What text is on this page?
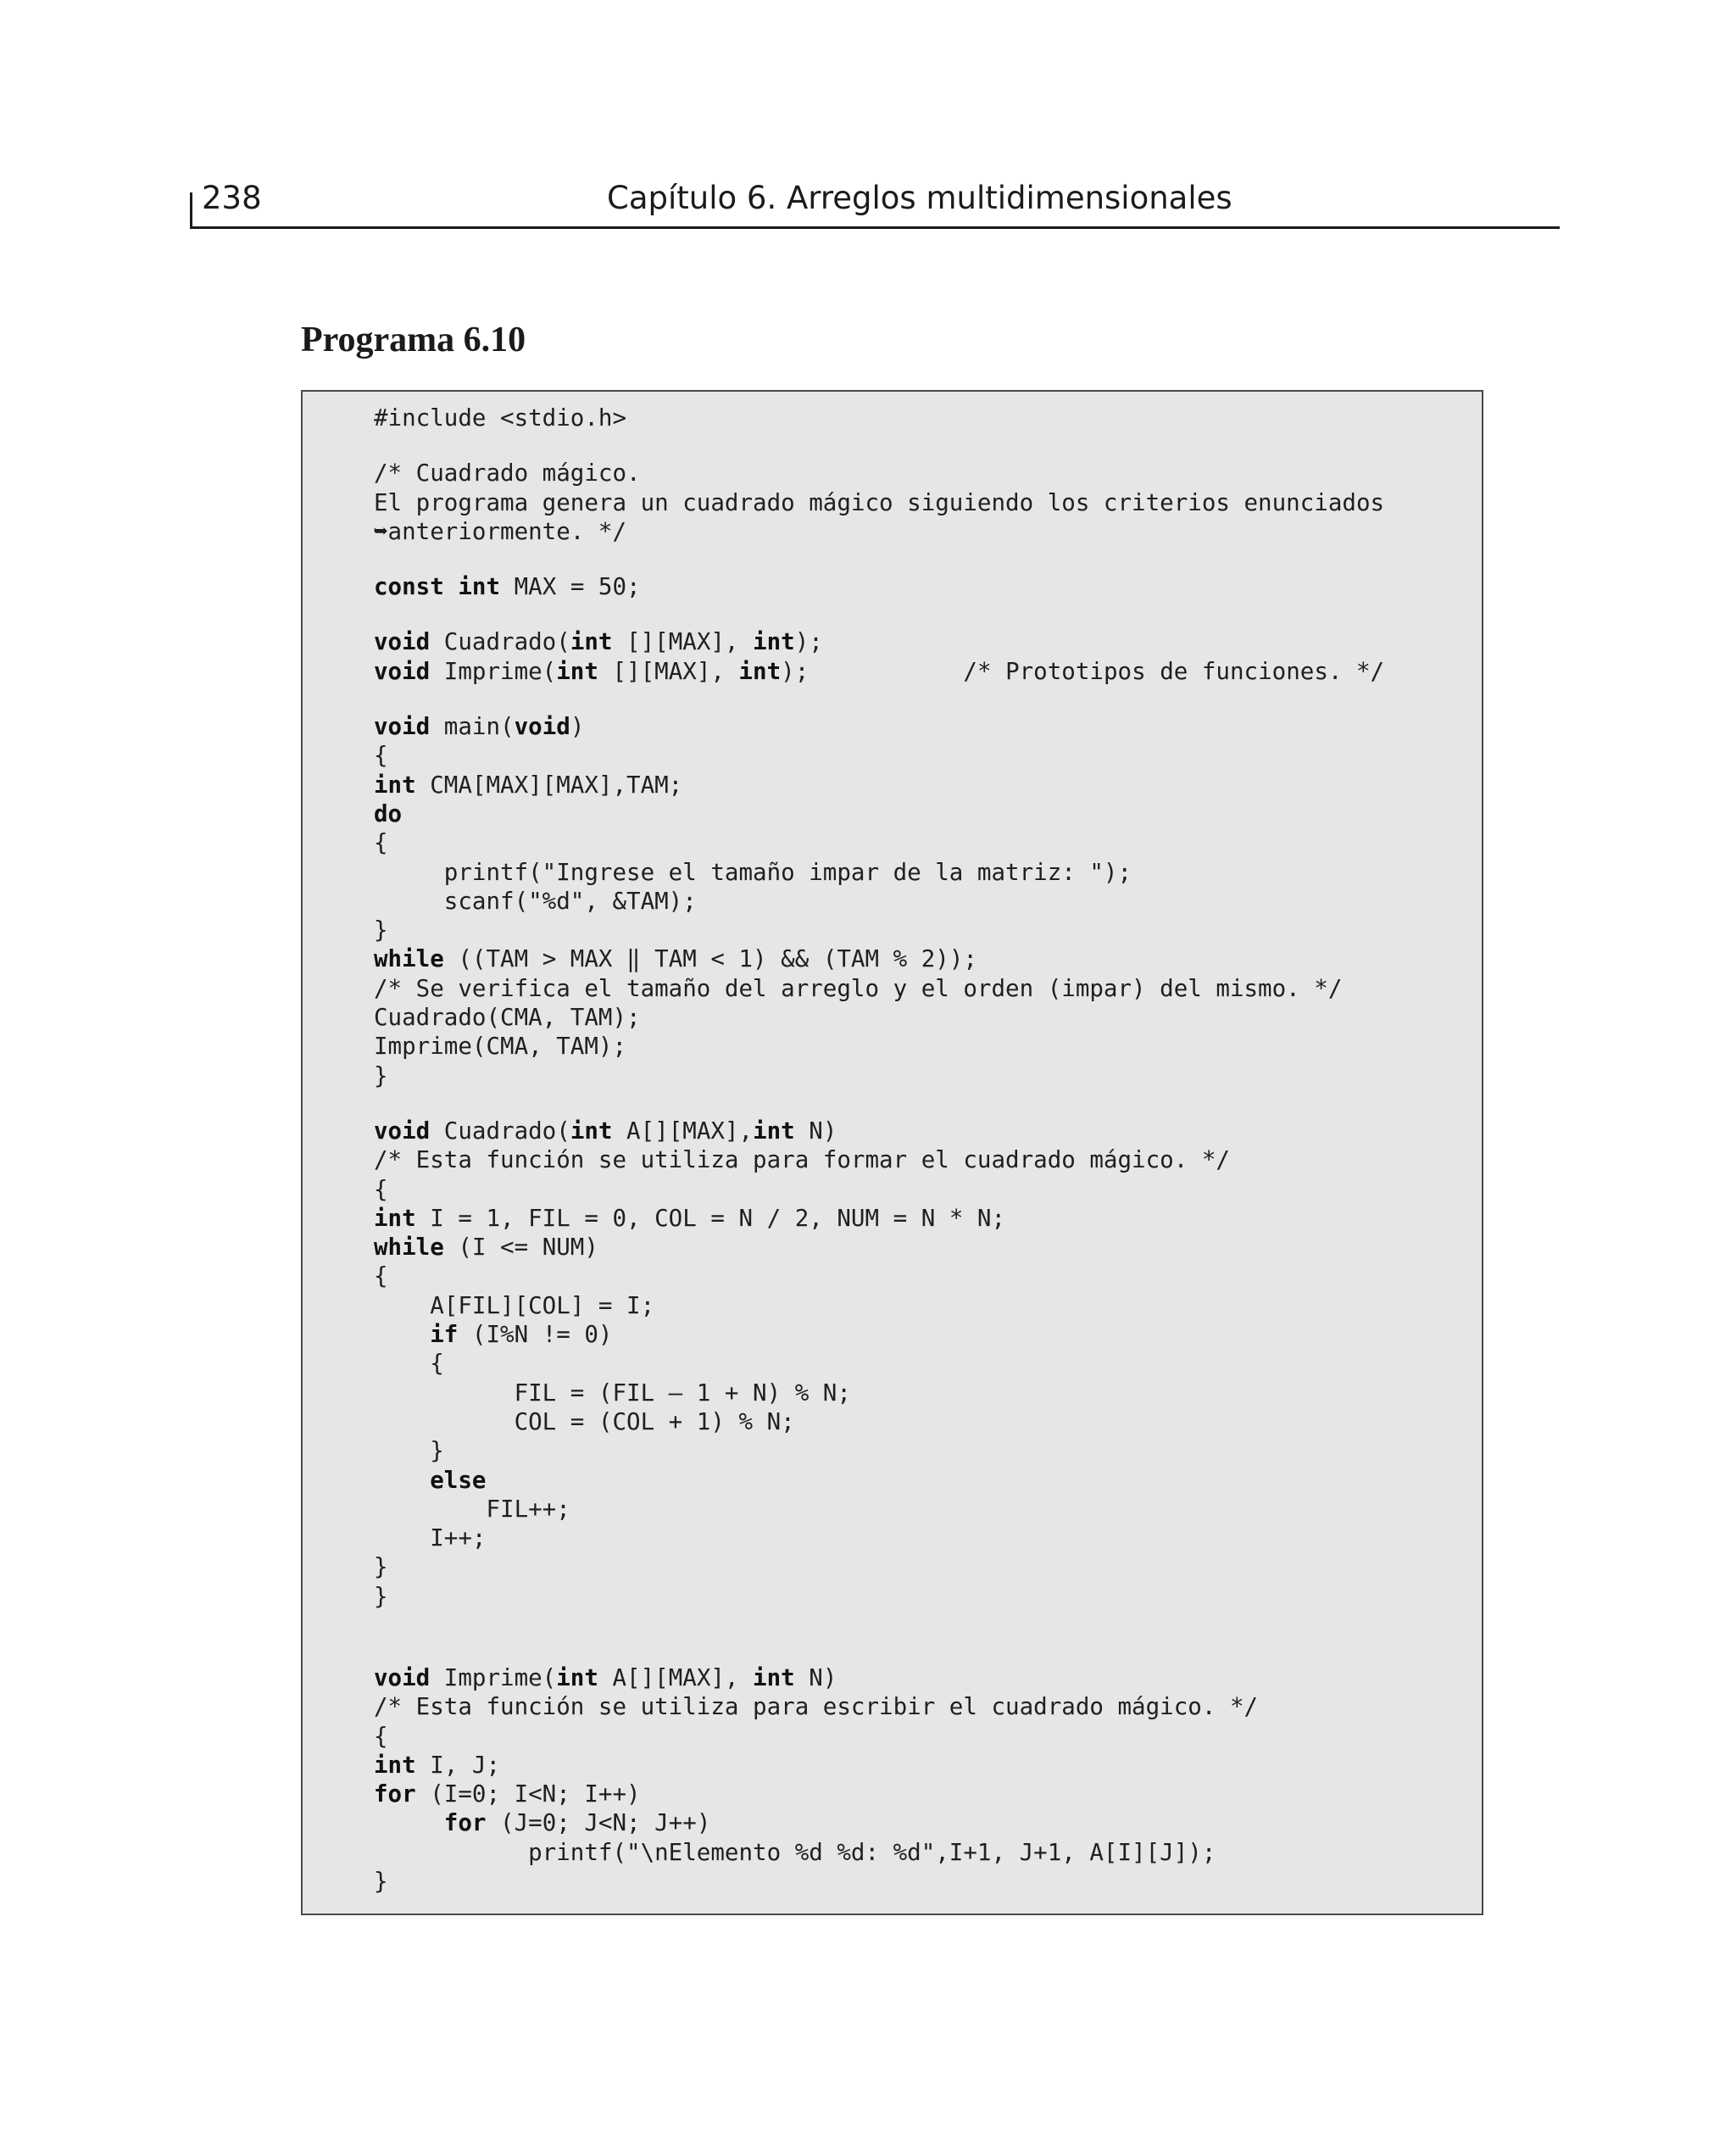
238	Capítulo 6. Arreglos multidimensionales
Programa 6.10
#include <stdio.h>
/* Cuadrado mágico.
El programa genera un cuadrado mágico siguiendo los criterios enunciados
➥anteriormente. */
const int MAX = 50;
void Cuadrado(int [][MAX], int);
void Imprime(int [][MAX], int);           /* Prototipos de funciones. */
void main(void)
{
int CMA[MAX][MAX],TAM;
do
{
printf("Ingrese el tamaño impar de la matriz: ");
scanf("%d", &TAM);
}
while ((TAM > MAX ‖ TAM < 1) && (TAM % 2));
/* Se verifica el tamaño del arreglo y el orden (impar) del mismo. */
Cuadrado(CMA, TAM);
Imprime(CMA, TAM);
}
void Cuadrado(int A[][MAX],int N)
/* Esta función se utiliza para formar el cuadrado mágico. */
{
int I = 1, FIL = 0, COL = N / 2, NUM = N * N;
while (I <= NUM)
{
A[FIL][COL] = I;
if (I%N != 0)
{
FIL = (FIL – 1 + N) % N;
COL = (COL + 1) % N;
}
else
FIL++;
I++;
}
}
void Imprime(int A[][MAX], int N)
/* Esta función se utiliza para escribir el cuadrado mágico. */
{
int I, J;
for (I=0; I<N; I++)
for (J=0; J<N; J++)
printf("\nElemento %d %d: %d",I+1, J+1, A[I][J]);
}
